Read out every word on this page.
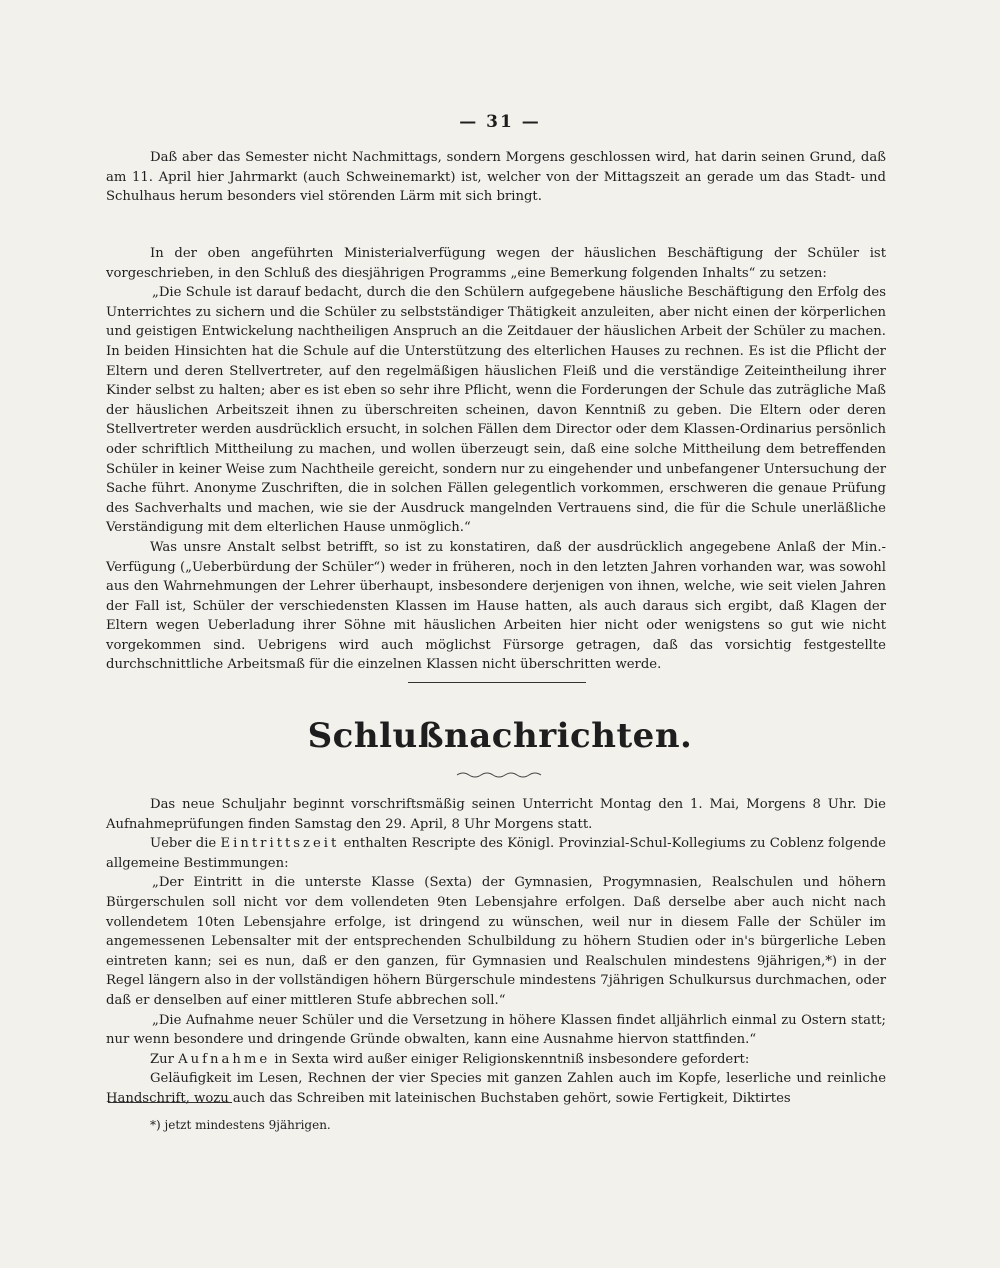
— 31 —

Daß aber das Semester nicht Nachmittags, sondern Morgens geschlossen wird, hat darin seinen Grund, daß am 11. April hier Jahrmarkt (auch Schweinemarkt) ist, welcher von der Mittagszeit an gerade um das Stadt- und Schulhaus herum besonders viel störenden Lärm mit sich bringt.

In der oben angeführten Ministerialverfügung wegen der häuslichen Beschäftigung der Schüler ist vorgeschrieben, in den Schluß des diesjährigen Programms „eine Bemerkung folgenden Inhalts“ zu setzen:

„Die Schule ist darauf bedacht, durch die den Schülern aufgegebene häusliche Beschäftigung den Erfolg des Unterrichtes zu sichern und die Schüler zu selbstständiger Thätigkeit anzuleiten, aber nicht einen der körperlichen und geistigen Entwickelung nachtheiligen Anspruch an die Zeitdauer der häuslichen Arbeit der Schüler zu machen. In beiden Hinsichten hat die Schule auf die Unterstützung des elterlichen Hauses zu rechnen. Es ist die Pflicht der Eltern und deren Stellvertreter, auf den regelmäßigen häuslichen Fleiß und die verständige Zeiteintheilung ihrer Kinder selbst zu halten; aber es ist eben so sehr ihre Pflicht, wenn die Forderungen der Schule das zuträgliche Maß der häuslichen Arbeitszeit ihnen zu überschreiten scheinen, davon Kenntniß zu geben. Die Eltern oder deren Stellvertreter werden ausdrücklich ersucht, in solchen Fällen dem Director oder dem Klassen-Ordinarius persönlich oder schriftlich Mittheilung zu machen, und wollen überzeugt sein, daß eine solche Mittheilung dem betreffenden Schüler in keiner Weise zum Nachtheile gereicht, sondern nur zu eingehender und unbefangener Untersuchung der Sache führt. Anonyme Zuschriften, die in solchen Fällen gelegentlich vorkommen, erschweren die genaue Prüfung des Sachverhalts und machen, wie sie der Ausdruck mangelnden Vertrauens sind, die für die Schule unerläßliche Verständigung mit dem elterlichen Hause unmöglich.“

Was unsre Anstalt selbst betrifft, so ist zu konstatiren, daß der ausdrücklich angegebene Anlaß der Min.-Verfügung („Ueberbürdung der Schüler“) weder in früheren, noch in den letzten Jahren vorhanden war, was sowohl aus den Wahrnehmungen der Lehrer überhaupt, insbesondere derjenigen von ihnen, welche, wie seit vielen Jahren der Fall ist, Schüler der verschiedensten Klassen im Hause hatten, als auch daraus sich ergibt, daß Klagen der Eltern wegen Ueberladung ihrer Söhne mit häuslichen Arbeiten hier nicht oder wenigstens so gut wie nicht vorgekommen sind. Uebrigens wird auch möglichst Fürsorge getragen, daß das vorsichtig festgestellte durchschnittliche Arbeitsmaß für die einzelnen Klassen nicht überschritten werde.

Schlußnachrichten.

Das neue Schuljahr beginnt vorschriftsmäßig seinen Unterricht Montag den 1. Mai, Morgens 8 Uhr. Die Aufnahmeprüfungen finden Samstag den 29. April, 8 Uhr Morgens statt.

Ueber die Eintrittszeit enthalten Rescripte des Königl. Provinzial-Schul-Kollegiums zu Coblenz folgende allgemeine Bestimmungen:

„Der Eintritt in die unterste Klasse (Sexta) der Gymnasien, Progymnasien, Realschulen und höhern Bürgerschulen soll nicht vor dem vollendeten 9ten Lebensjahre erfolgen. Daß derselbe aber auch nicht nach vollendetem 10ten Lebensjahre erfolge, ist dringend zu wünschen, weil nur in diesem Falle der Schüler im angemessenen Lebensalter mit der entsprechenden Schulbildung zu höhern Studien oder in's bürgerliche Leben eintreten kann; sei es nun, daß er den ganzen, für Gymnasien und Realschulen mindestens 9jährigen,*) in der Regel längern also in der vollständigen höhern Bürgerschule mindestens 7jährigen Schulkursus durchmachen, oder daß er denselben auf einer mittleren Stufe abbrechen soll.“

„Die Aufnahme neuer Schüler und die Versetzung in höhere Klassen findet alljährlich einmal zu Ostern statt; nur wenn besondere und dringende Gründe obwalten, kann eine Ausnahme hiervon stattfinden.“

Zur Aufnahme in Sexta wird außer einiger Religionskenntniß insbesondere gefordert:

Geläufigkeit im Lesen, Rechnen der vier Species mit ganzen Zahlen auch im Kopfe, leserliche und reinliche Handschrift, wozu auch das Schreiben mit lateinischen Buchstaben gehört, sowie Fertigkeit, Diktirtes

*) jetzt mindestens 9jährigen.
